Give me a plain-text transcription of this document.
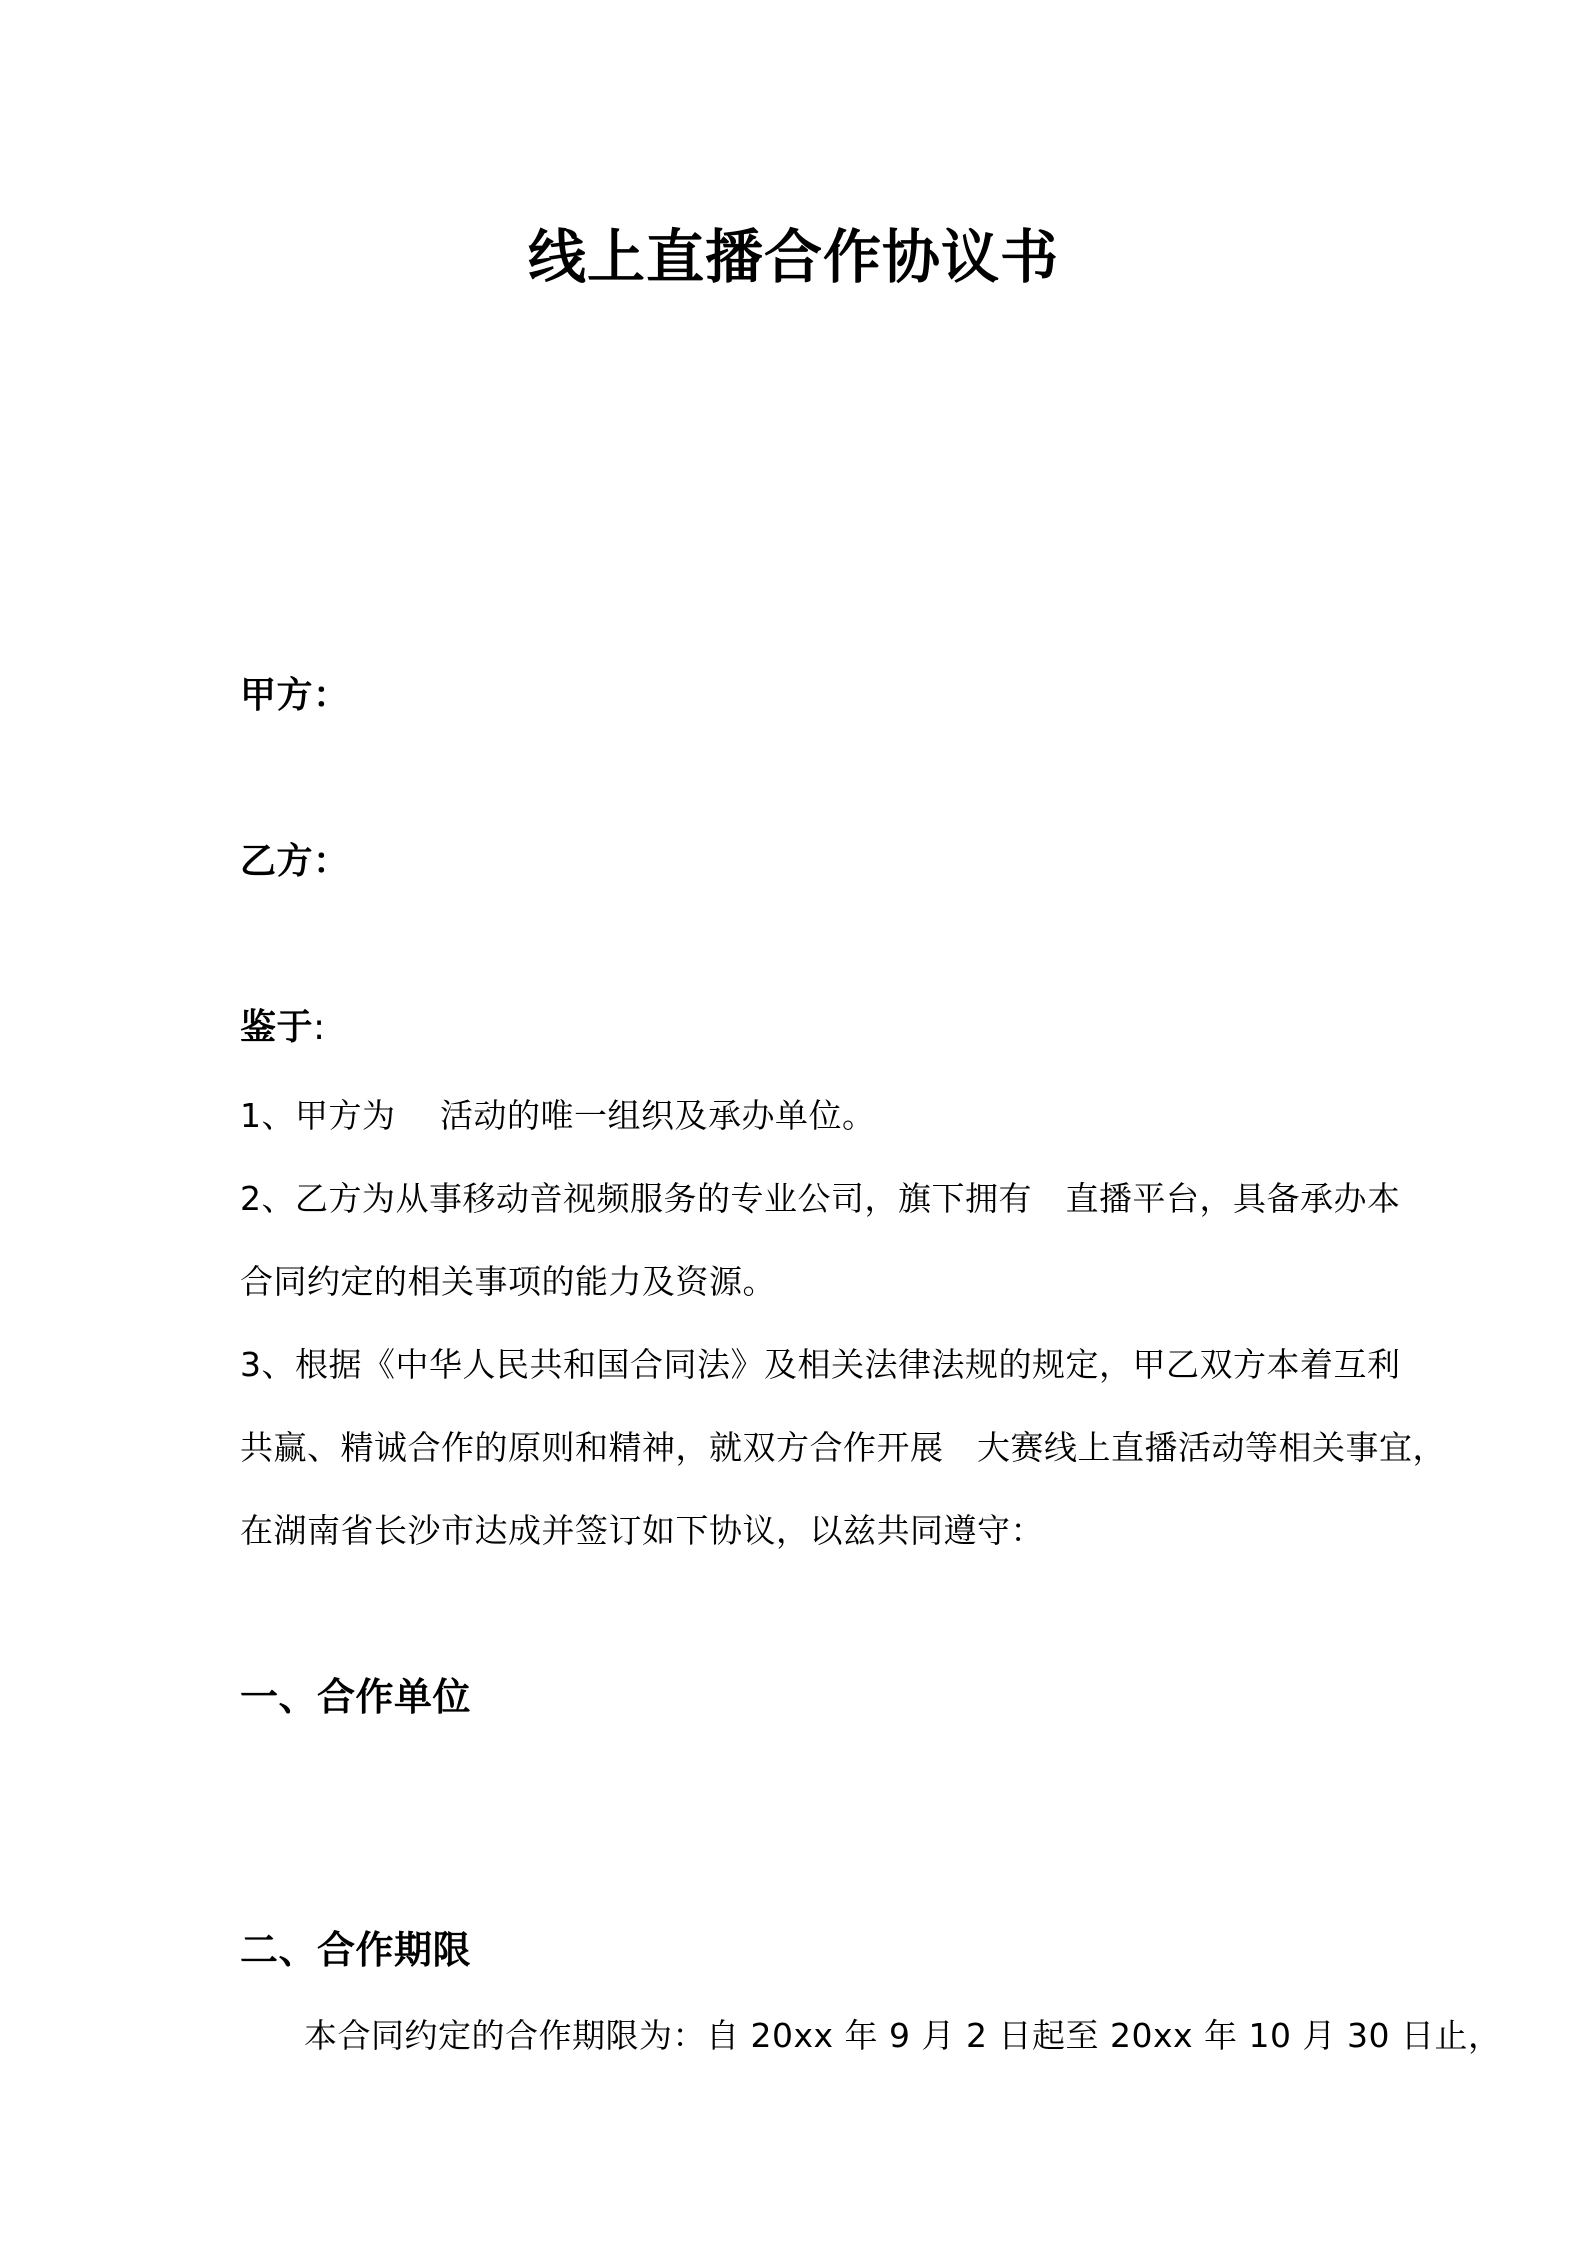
线上直播合作协议书
甲方：
乙方：
鉴于:
1、甲方为　 活动的唯一组织及承办单位。
2、乙方为从事移动音视频服务的专业公司，旗下拥有　直播平台，具备承办本
合同约定的相关事项的能力及资源。
3、根据《中华人民共和国合同法》及相关法律法规的规定，甲乙双方本着互利
共赢、精诚合作的原则和精神，就双方合作开展　大赛线上直播活动等相关事宜，
在湖南省长沙市达成并签订如下协议，以兹共同遵守：
一、合作单位
二、合作期限
本合同约定的合作期限为：自 20xx 年 9 月 2 日起至 20xx 年 10 月 30 日止，
